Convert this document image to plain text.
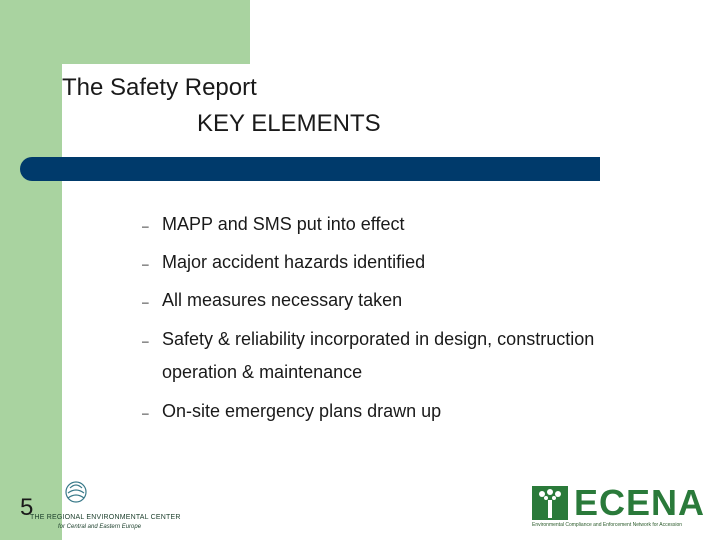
The Safety Report
KEY ELEMENTS
– MAPP and SMS put into effect
– Major accident hazards identified
– All measures necessary taken
– Safety & reliability incorporated in design, construction
operation & maintenance
– On-site emergency plans drawn up
5
THE REGIONAL ENVIRONMENTAL CENTER
for Central and Eastern Europe
ECENA
Environmental Compliance and Enforcement Network for Accession
